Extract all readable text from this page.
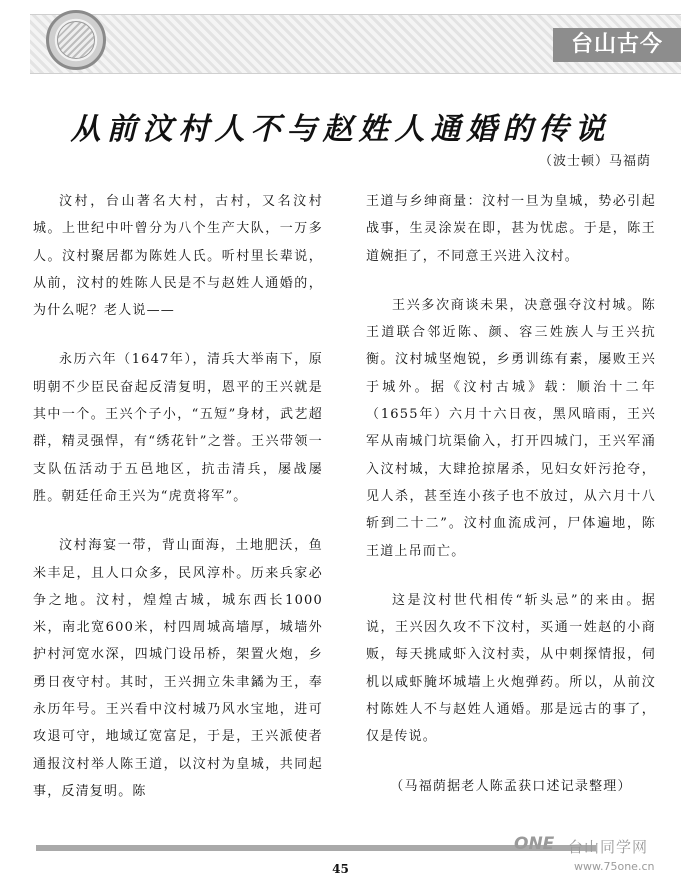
台山古今
从前汶村人不与赵姓人通婚的传说
（波士顿）马福荫

汶村，台山著名大村，古村，又名汶村城。上世纪中叶曾分为八个生产大队，一万多人。汶村聚居都为陈姓人氏。听村里长辈说，从前，汶村的姓陈人民是不与赵姓人通婚的，为什么呢？老人说——

永历六年（1647年），清兵大举南下，原明朝不少臣民奋起反清复明，恩平的王兴就是其中一个。王兴个子小，“五短”身材，武艺超群，精灵强悍，有“绣花针”之誉。王兴带领一支队伍活动于五邑地区，抗击清兵，屡战屡胜。朝廷任命王兴为“虎贲将军”。

汶村海宴一带，背山面海，土地肥沃，鱼米丰足，且人口众多，民风淳朴。历来兵家必争之地。汶村，煌煌古城，城东西长1000米，南北宽600米，村四周城高墙厚，城墙外护村河宽水深，四城门设吊桥，架置火炮，乡勇日夜守村。其时，王兴拥立朱聿鐍为王，奉永历年号。王兴看中汶村城乃风水宝地，进可攻退可守，地域辽宽富足，于是，王兴派使者通报汶村举人陈王道，以汶村为皇城，共同起事，反清复明。陈

王道与乡绅商量：汶村一旦为皇城，势必引起战事，生灵涂炭在即，甚为忧虑。于是，陈王道婉拒了，不同意王兴进入汶村。

王兴多次商谈未果，决意强夺汶村城。陈王道联合邻近陈、颜、容三姓族人与王兴抗衡。汶村城坚炮锐，乡勇训练有素，屡败王兴于城外。据《汶村古城》载：顺治十二年（1655年）六月十六日夜，黑风暗雨，王兴军从南城门坑渠偷入，打开四城门，王兴军涌入汶村城，大肆抢掠屠杀，见妇女奸污抢夺，见人杀，甚至连小孩子也不放过，从六月十八斩到二十二”。汶村血流成河，尸体遍地，陈王道上吊而亡。

这是汶村世代相传“斩头忌”的来由。据说，王兴因久攻不下汶村，买通一姓赵的小商贩，每天挑咸虾入汶村卖，从中刺探情报，伺机以咸虾腌坏城墙上火炮弹药。所以，从前汶村陈姓人不与赵姓人通婚。那是远古的事了，仅是传说。

（马福荫据老人陈孟获口述记录整理）

45
ONE 台山同学网
www.75one.cn
